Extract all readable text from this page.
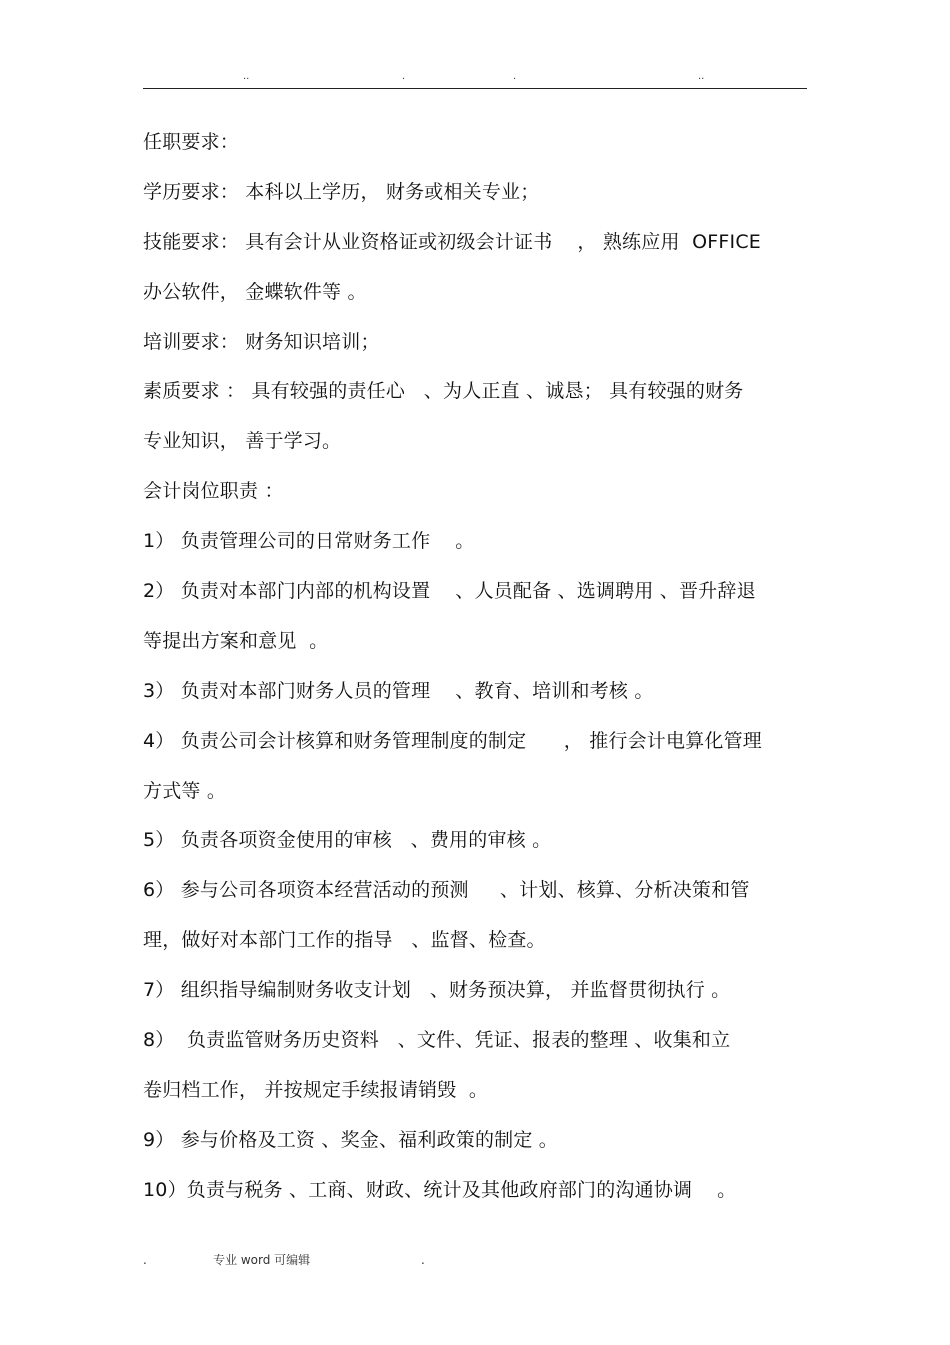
..	.	.	..
任职要求：
学历要求： 本科以上学历， 财务或相关专业；
技能要求： 具有会计从业资格证或初级会计证书    ， 熟练应用  OFFICE
办公软件， 金蝶软件等 。
培训要求： 财务知识培训；
素质要求 ： 具有较强的责任心   、为人正直 、诚恳； 具有较强的财务
专业知识， 善于学习。
会计岗位职责 ：
1） 负责管理公司的日常财务工作    。
2） 负责对本部门内部的机构设置    、人员配备 、选调聘用 、晋升辞退
等提出方案和意见  。
3） 负责对本部门财务人员的管理    、教育、培训和考核 。
4） 负责公司会计核算和财务管理制度的制定      ， 推行会计电算化管理
方式等 。
5） 负责各项资金使用的审核   、费用的审核 。
6） 参与公司各项资本经营活动的预测     、计划、核算、分析决策和管
理，做好对本部门工作的指导   、监督、检查。
7） 组织指导编制财务收支计划   、财务预决算， 并监督贯彻执行 。
8）  负责监管财务历史资料   、文件、凭证、报表的整理 、收集和立
卷归档工作， 并按规定手续报请销毁  。
9） 参与价格及工资 、奖金、福利政策的制定 。
10）负责与税务 、工商、财政、统计及其他政府部门的沟通协调    。
.	专业 word 可编辑	.
